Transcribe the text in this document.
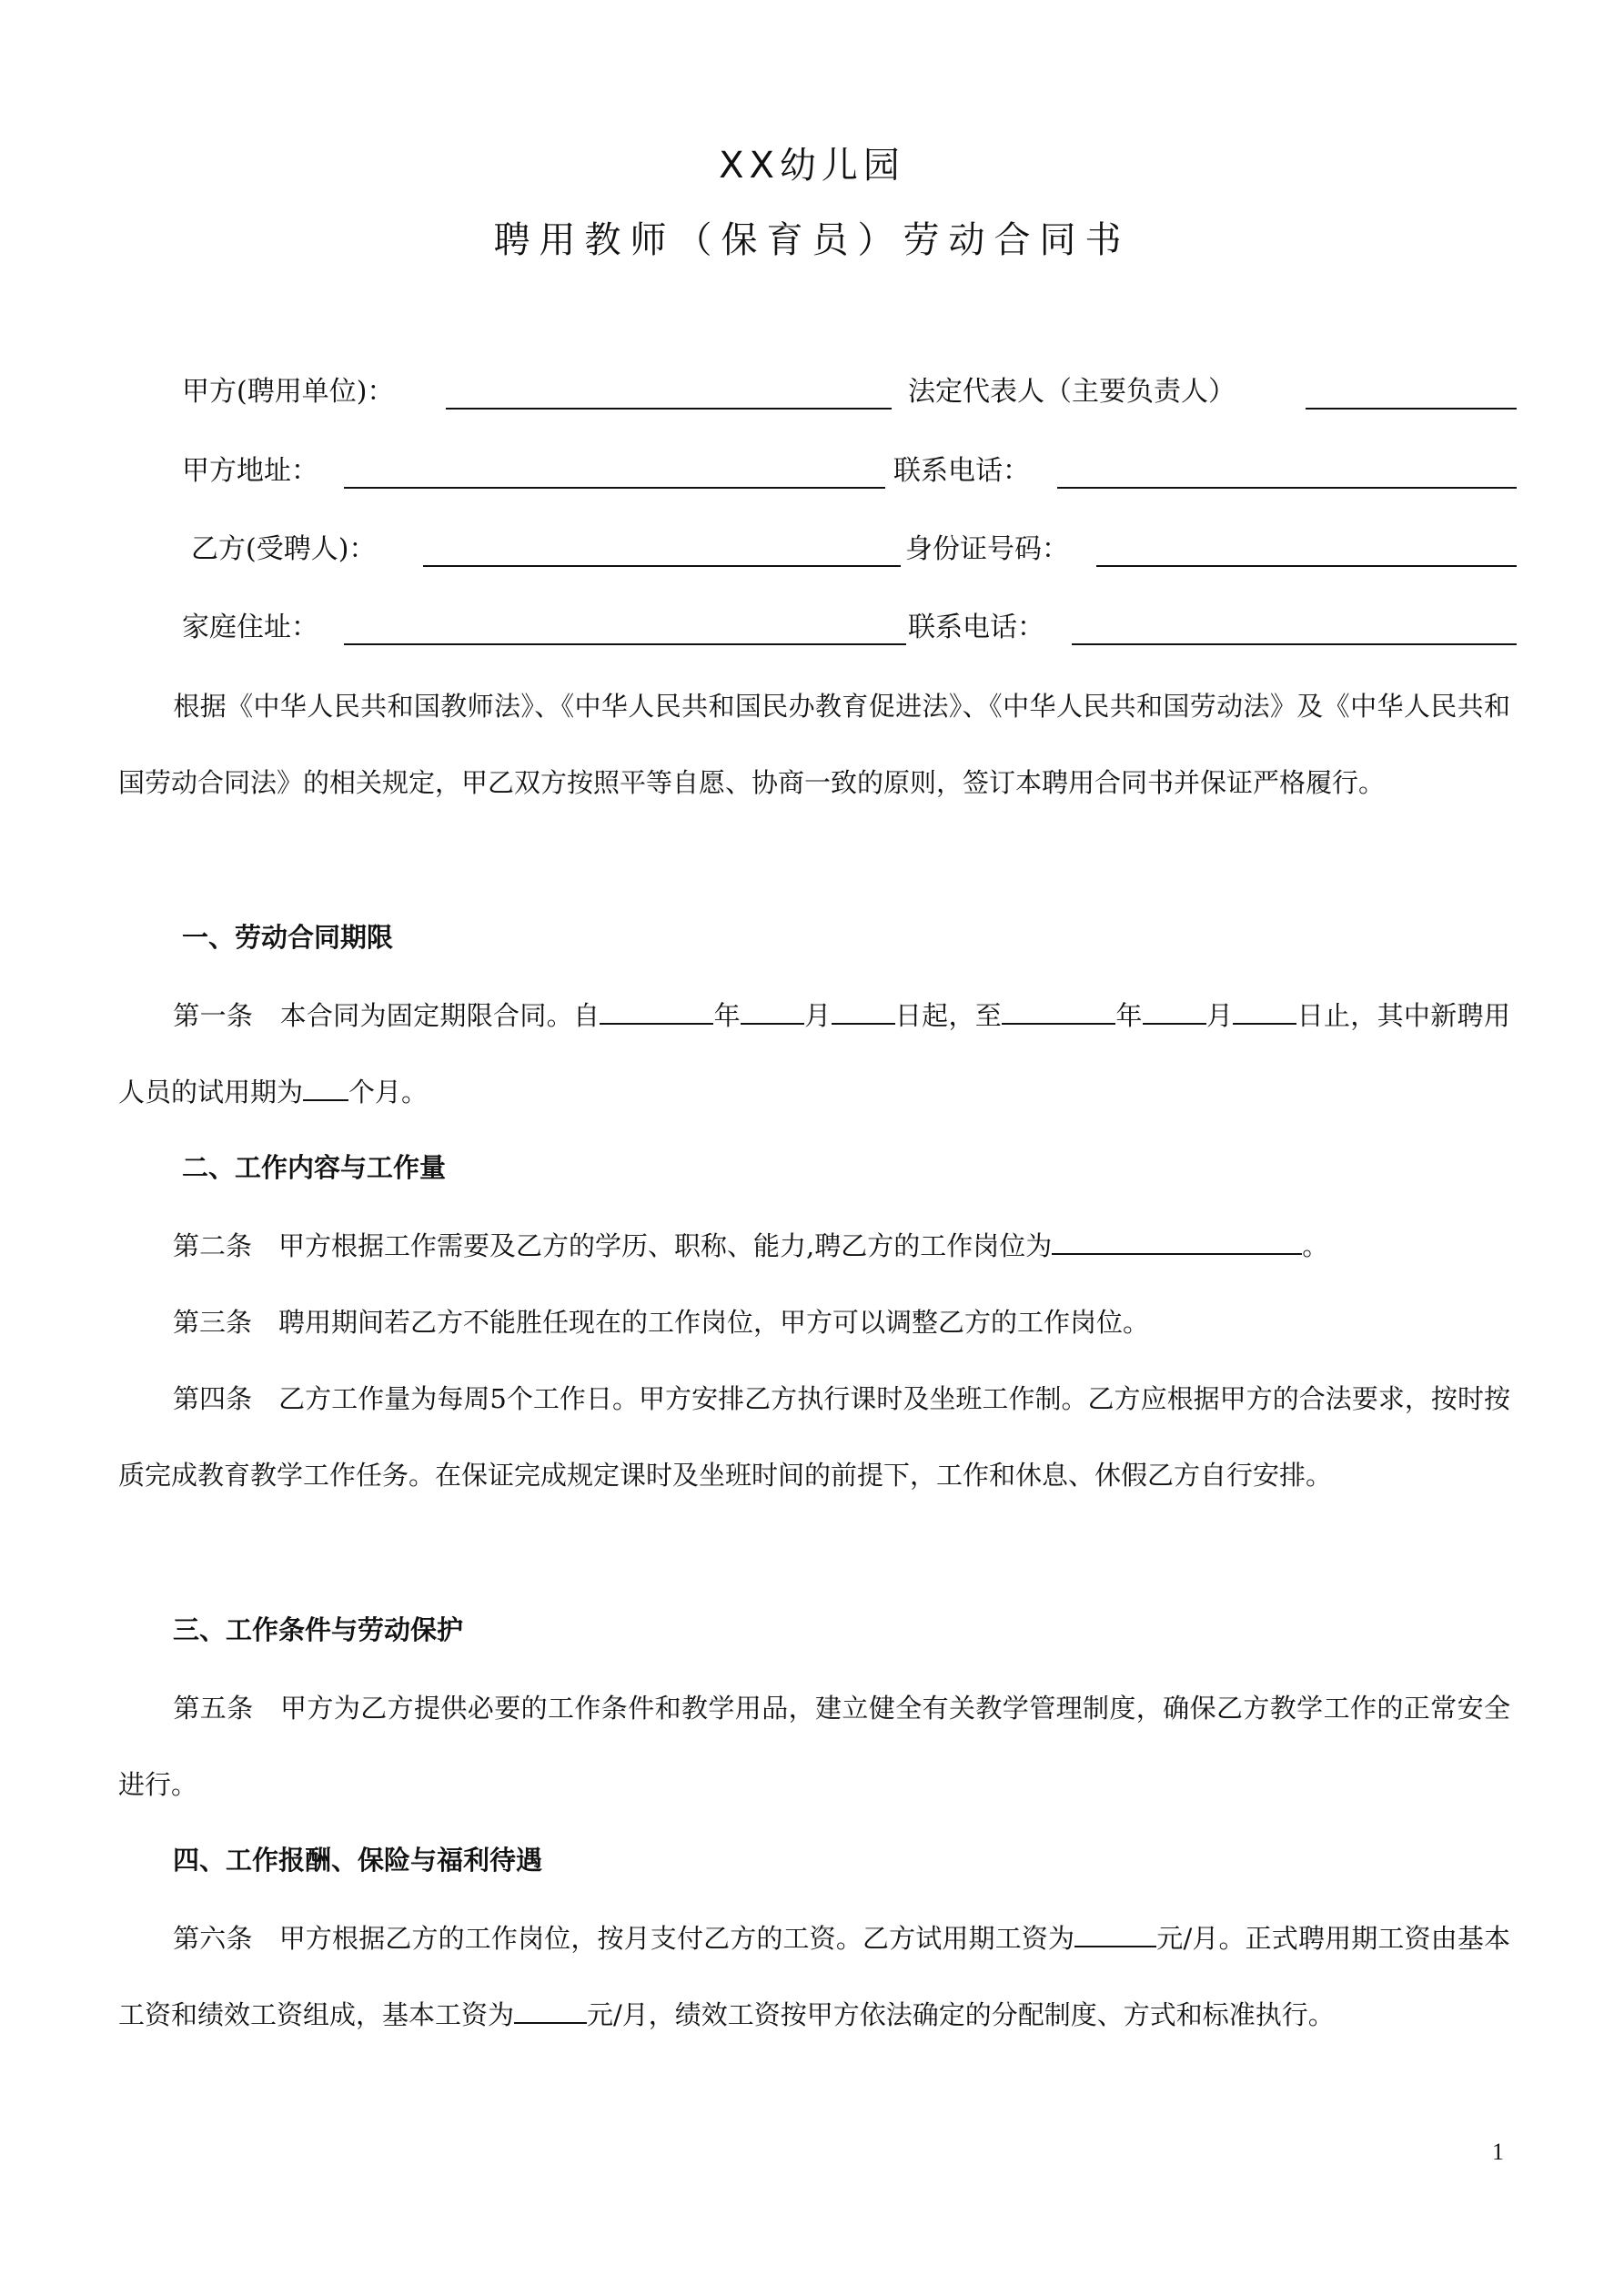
XX幼儿园
聘用教师（保育员）劳动合同书
甲方(聘用单位)：	法定代表人（主要负责人）
甲方地址：	联系电话：
乙方(受聘人)：	身份证号码：
家庭住址：	联系电话：
根据《中华人民共和国教师法》、《中华人民共和国民办教育促进法》、《中华人民共和国劳动法》及《中华人民共和国劳动合同法》的相关规定，甲乙双方按照平等自愿、协商一致的原则，签订本聘用合同书并保证严格履行。
一、劳动合同期限
第一条　 本合同为固定期限合同。自	年 月 日起，至	年 月 日止，其中新聘用人员的试用期为 个月。
二、工作内容与工作量
第二条　 甲方根据工作需要及乙方的学历、职称、能力,聘乙方的工作岗位为	。
第三条　 聘用期间若乙方不能胜任现在的工作岗位，甲方可以调整乙方的工作岗位。
第四条　 乙方工作量为每周5个工作日。甲方安排乙方执行课时及坐班工作制。乙方应根据甲方的合法要求，按时按质完成教育教学工作任务。在保证完成规定课时及坐班时间的前提下，工作和休息、休假乙方自行安排。
三、工作条件与劳动保护
第五条　 甲方为乙方提供必要的工作条件和教学用品，建立健全有关教学管理制度，确保乙方教学工作的正常安全进行。
四、工作报酬、保险与福利待遇
第六条　 甲方根据乙方的工作岗位，按月支付乙方的工资。乙方试用期工资为	元/月。正式聘用期工资由基本工资和绩效工资组成，基本工资为	元/月，绩效工资按甲方依法确定的分配制度、方式和标准执行。
1
